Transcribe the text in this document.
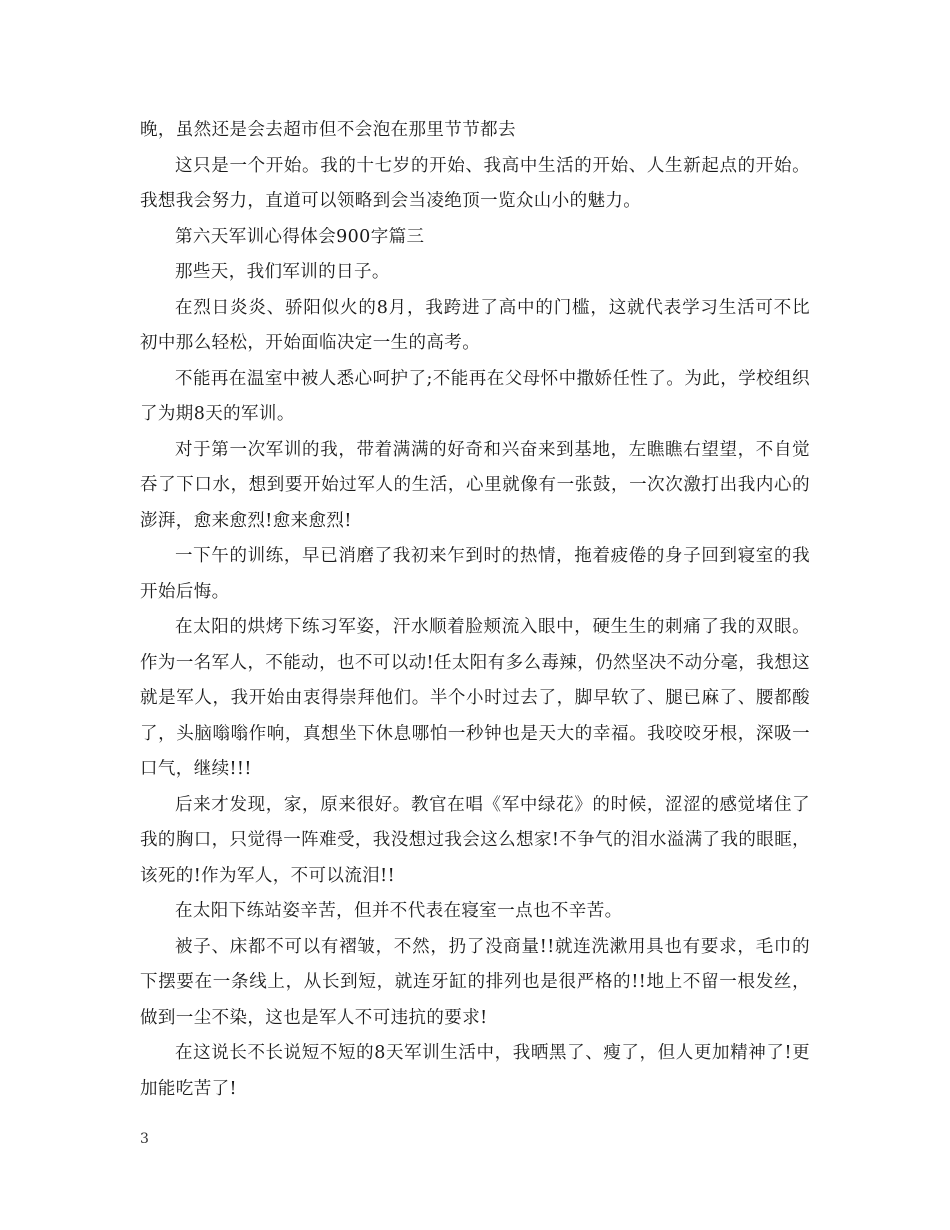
晚，虽然还是会去超市但不会泡在那里节节都去

这只是一个开始。我的十七岁的开始、我高中生活的开始、人生新起点的开始。我想我会努力，直道可以领略到会当凌绝顶一览众山小的魅力。

第六天军训心得体会900字篇三

那些天，我们军训的日子。

在烈日炎炎、骄阳似火的8月，我跨进了高中的门槛，这就代表学习生活可不比初中那么轻松，开始面临决定一生的高考。

不能再在温室中被人悉心呵护了;不能再在父母怀中撒娇任性了。为此，学校组织了为期8天的军训。

对于第一次军训的我，带着满满的好奇和兴奋来到基地，左瞧瞧右望望，不自觉吞了下口水，想到要开始过军人的生活，心里就像有一张鼓，一次次激打出我内心的澎湃，愈来愈烈!愈来愈烈!

一下午的训练，早已消磨了我初来乍到时的热情，拖着疲倦的身子回到寝室的我开始后悔。

在太阳的烘烤下练习军姿，汗水顺着脸颊流入眼中，硬生生的刺痛了我的双眼。作为一名军人，不能动，也不可以动!任太阳有多么毒辣，仍然坚决不动分毫，我想这就是军人，我开始由衷得崇拜他们。半个小时过去了，脚早软了、腿已麻了、腰都酸了，头脑嗡嗡作响，真想坐下休息哪怕一秒钟也是天大的幸福。我咬咬牙根，深吸一口气，继续!!!

后来才发现，家，原来很好。教官在唱《军中绿花》的时候，涩涩的感觉堵住了我的胸口，只觉得一阵难受，我没想过我会这么想家!不争气的泪水溢满了我的眼眶，该死的!作为军人，不可以流泪!!

在太阳下练站姿辛苦，但并不代表在寝室一点也不辛苦。

被子、床都不可以有褶皱，不然，扔了没商量!!就连洗漱用具也有要求，毛巾的下摆要在一条线上，从长到短，就连牙缸的排列也是很严格的!!地上不留一根发丝，做到一尘不染，这也是军人不可违抗的要求!

在这说长不长说短不短的8天军训生活中，我晒黑了、瘦了，但人更加精神了!更加能吃苦了!

3
